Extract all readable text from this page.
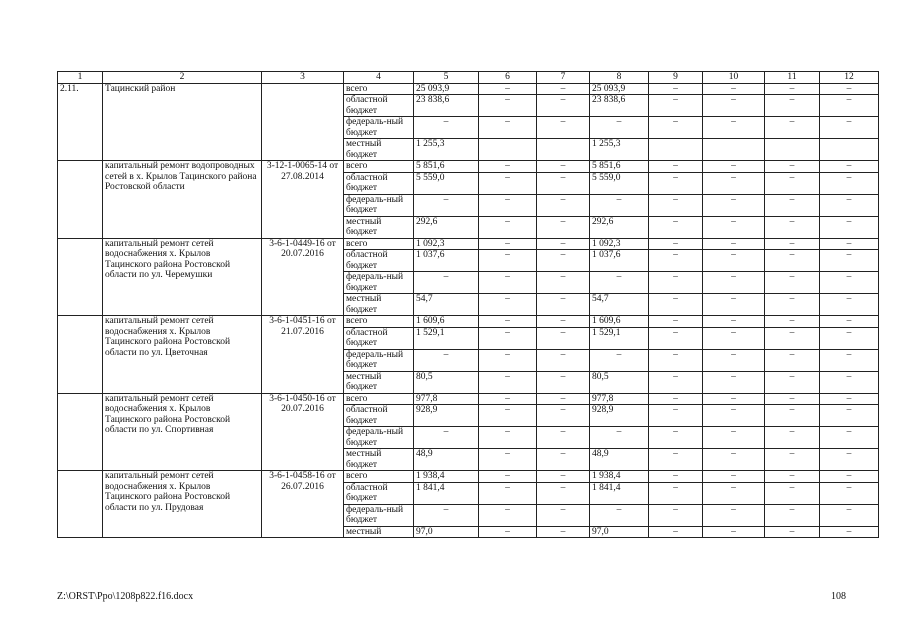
1	2	3	4	5	6	7	8	9	10	11	12
2.11.	Тацинский район		всего	25 093,9	–	–	25 093,9	–	–	–	–
			областной бюджет	23 838,6	–	–	23 838,6	–	–	–	–
			федераль-ный бюджет	–	–	–	–	–	–	–	–
			местный бюджет	1 255,3			1 255,3				
	капитальный ремонт водопроводных сетей в х. Крылов Тацинского района Ростовской области	3-12-1-0065-14 от 27.08.2014	всего	5 851,6	–	–	5 851,6	–	–	–	–
			областной бюджет	5 559,0	–	–	5 559,0	–	–	–	–
			федераль-ный бюджет	–	–	–	–	–	–	–	–
			местный бюджет	292,6	–	–	292,6	–	–	–	–
	капитальный ремонт сетей водоснабжения х. Крылов Тацинского района Ростовской области по ул. Черемушки	3-6-1-0449-16 от 20.07.2016	всего	1 092,3	–	–	1 092,3	–	–	–	–
			областной бюджет	1 037,6	–	–	1 037,6	–	–	–	–
			федераль-ный бюджет	–	–	–	–	–	–	–	–
			местный бюджет	54,7	–	–	54,7	–	–	–	–
	капитальный ремонт сетей водоснабжения х. Крылов Тацинского района Ростовской области по ул. Цветочная	3-6-1-0451-16 от 21.07.2016	всего	1 609,6	–	–	1 609,6	–	–	–	–
			областной бюджет	1 529,1	–	–	1 529,1	–	–	–	–
			федераль-ный бюджет	–	–	–	–	–	–	–	–
			местный бюджет	80,5	–	–	80,5	–	–	–	–
	капитальный ремонт сетей водоснабжения х. Крылов Тацинского района Ростовской области по ул. Спортивная	3-6-1-0450-16 от 20.07.2016	всего	977,8	–	–	977,8	–	–	–	–
			областной бюджет	928,9	–	–	928,9	–	–	–	–
			федераль-ный бюджет	–	–	–	–	–	–	–	–
			местный бюджет	48,9	–	–	48,9	–	–	–	–
	капитальный ремонт сетей водоснабжения х. Крылов Тацинского района Ростовской области по ул. Прудовая	3-6-1-0458-16 от 26.07.2016	всего	1 938,4	–	–	1 938,4	–	–	–	–
			областной бюджет	1 841,4	–	–	1 841,4	–	–	–	–
			федераль-ный бюджет	–	–	–	–	–	–	–	–
			местный	97,0	–	–	97,0	–	–	–	–
Z:\ORST\Ppo\1208p822.f16.docx	108
